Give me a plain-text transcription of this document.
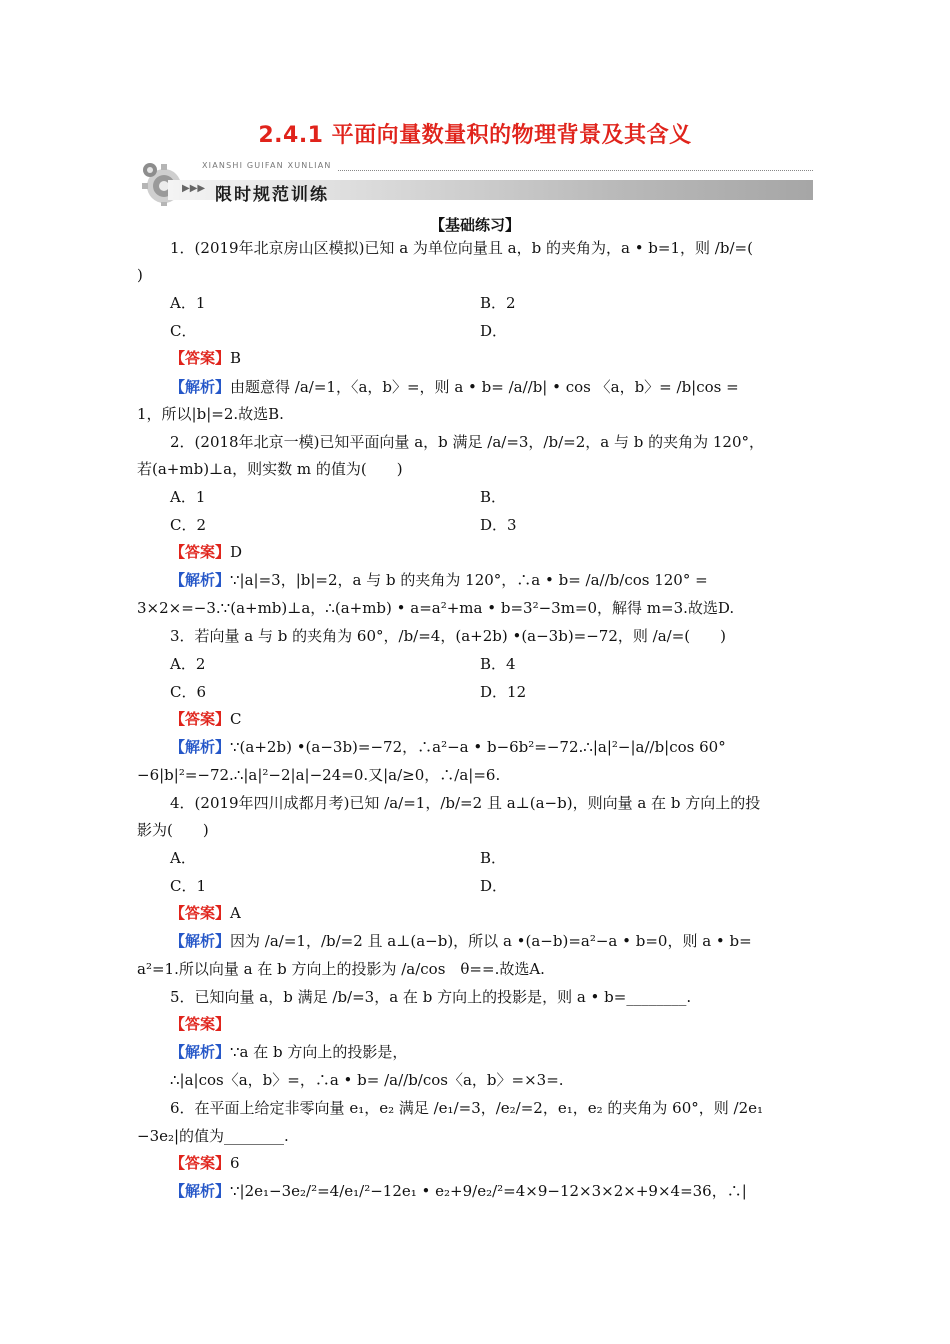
2.4.1 平面向量数量积的物理背景及其含义
XIANSHI GUIFAN XUNLIAN
▶▶▶ 限时规范训练
【基础练习】
1．(2019年北京房山区模拟)已知 a 为单位向量且 a，b 的夹角为，a • b=1，则 /b/=(
)
A．1	B．2
C．	D．
【答案】B
【解析】由题意得 /a/=1，〈a，b〉=，则 a • b= /a//b| • cos 〈a，b〉= /b|cos =
1，所以|b|=2.故选B.
2．(2018年北京一模)已知平面向量 a，b 满足 /a/=3，/b/=2，a 与 b 的夹角为 120°，
若(a+mb)⊥a，则实数 m 的值为(　　)
A．1	B．
C．2	D．3
【答案】D
【解析】∵|a|=3，|b|=2，a 与 b 的夹角为 120°，∴a • b= /a//b/cos 120° =
3×2×=−3.∵(a+mb)⊥a，∴(a+mb) • a=a²+ma • b=3²−3m=0，解得 m=3.故选D.
3．若向量 a 与 b 的夹角为 60°，/b/=4，(a+2b) •(a−3b)=−72，则 /a/=(　　)
A．2	B．4
C．6	D．12
【答案】C
【解析】∵(a+2b) •(a−3b)=−72，∴a²−a • b−6b²=−72.∴|a|²−|a//b|cos 60°
−6|b|²=−72.∴|a|²−2|a|−24=0.又|a/≥0，∴/a|=6.
4．(2019年四川成都月考)已知 /a/=1，/b/=2 且 a⊥(a−b)，则向量 a 在 b 方向上的投
影为(　　)
A．	B．
C．1	D．
【答案】A
【解析】因为 /a/=1，/b/=2 且 a⊥(a−b)，所以 a •(a−b)=a²−a • b=0，则 a • b=
a²=1.所以向量 a 在 b 方向上的投影为 /a/cos　θ==.故选A.
5．已知向量 a，b 满足 /b/=3，a 在 b 方向上的投影是，则 a • b=________.
【答案】
【解析】∵a 在 b 方向上的投影是，
∴|a|cos〈a，b〉=，∴a • b= /a//b/cos〈a，b〉=×3=.
6．在平面上给定非零向量 e₁，e₂ 满足 /e₁/=3，/e₂/=2，e₁，e₂ 的夹角为 60°，则 /2e₁
−3e₂|的值为________.
【答案】6
【解析】∵|2e₁−3e₂/²=4/e₁/²−12e₁ • e₂+9/e₂/²=4×9−12×3×2×+9×4=36，∴|
